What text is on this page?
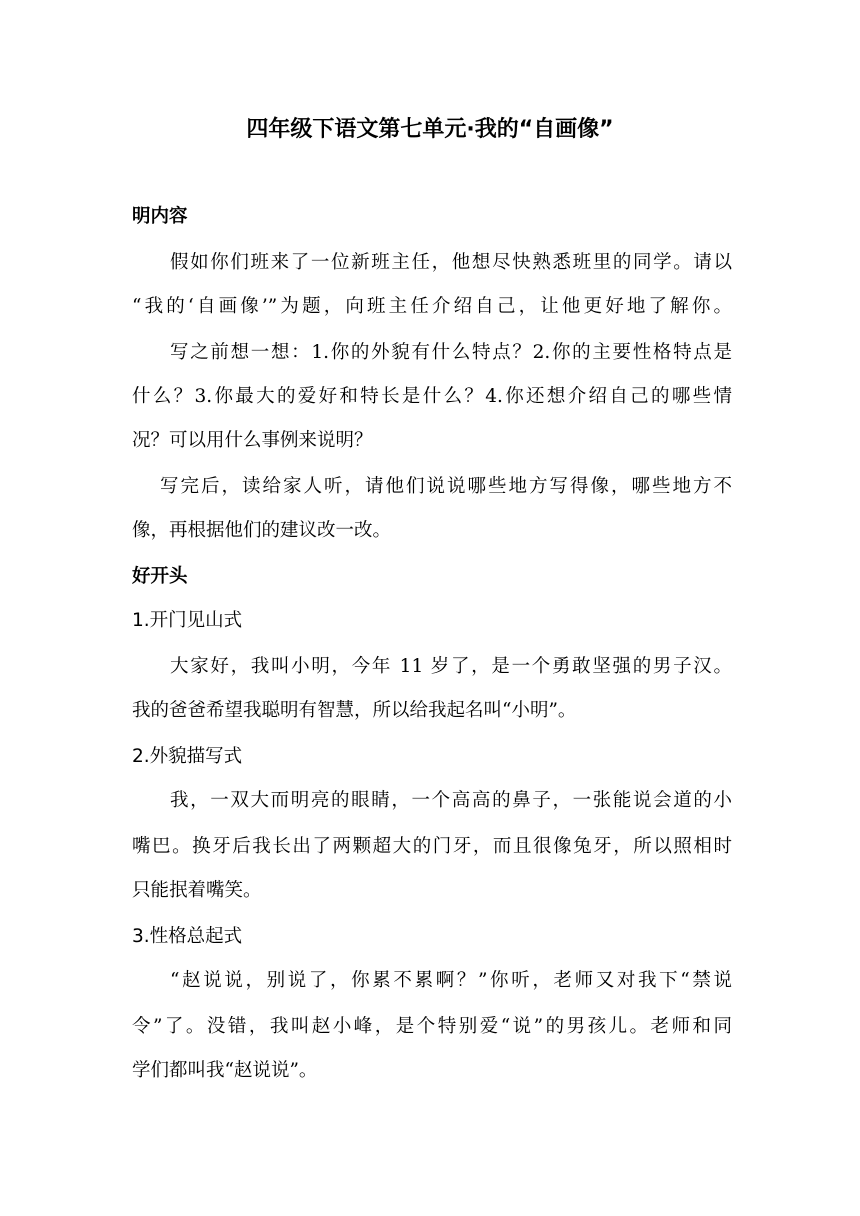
四年级下语文第七单元·我的“自画像”
明内容
假如你们班来了一位新班主任，他想尽快熟悉班里的同学。请以
“我的‘自画像’”为题，向班主任介绍自己，让他更好地了解你。
写之前想一想：1.你的外貌有什么特点？2.你的主要性格特点是
什么？3.你最大的爱好和特长是什么？4.你还想介绍自己的哪些情
况？可以用什么事例来说明？
写完后，读给家人听，请他们说说哪些地方写得像，哪些地方不
像，再根据他们的建议改一改。
好开头
1.开门见山式
大家好，我叫小明，今年 11 岁了，是一个勇敢坚强的男子汉。
我的爸爸希望我聪明有智慧，所以给我起名叫“小明”。
2.外貌描写式
我，一双大而明亮的眼睛，一个高高的鼻子，一张能说会道的小
嘴巴。换牙后我长出了两颗超大的门牙，而且很像兔牙，所以照相时
只能抿着嘴笑。
3.性格总起式
“赵说说，别说了，你累不累啊？”你听，老师又对我下“禁说
令”了。没错，我叫赵小峰，是个特别爱“说”的男孩儿。老师和同
学们都叫我“赵说说”。
